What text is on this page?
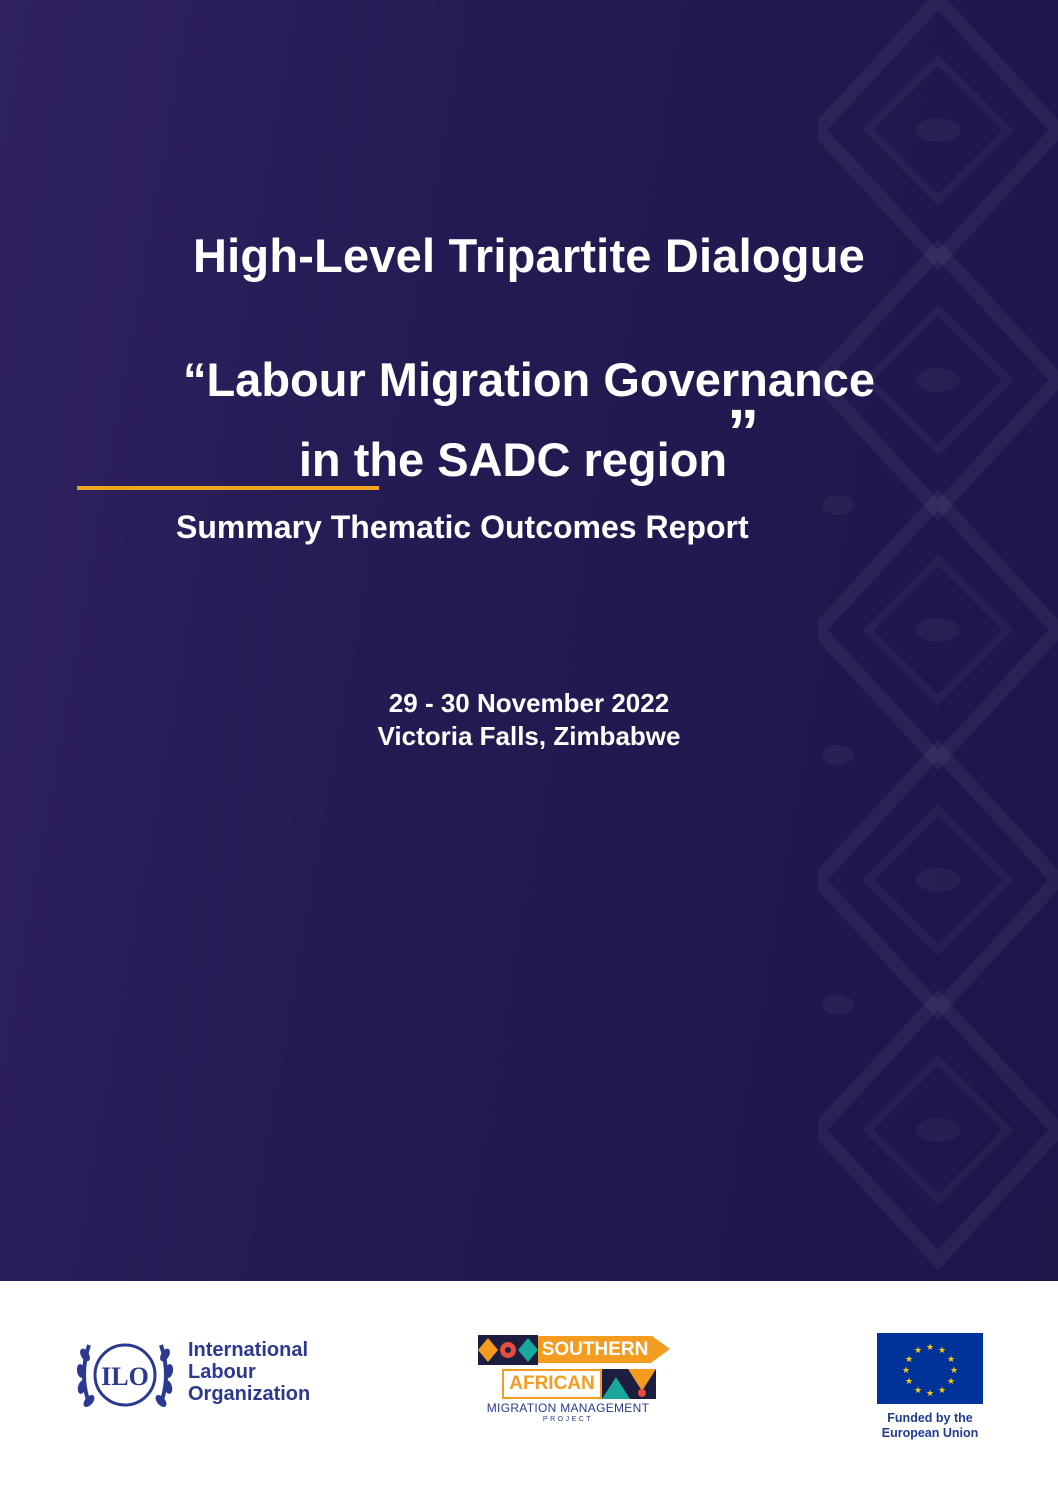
High-Level Tripartite Dialogue
“Labour Migration Governance
in the SADC region”
Summary Thematic Outcomes Report
29 - 30 November 2022
Victoria Falls, Zimbabwe
ILO
International
Labour
Organization
SOUTHERN
AFRICAN
MIGRATION MANAGEMENT
PROJECT
★ ★
★
★
★
★
★
★
★
★
★
★
Funded by the
European Union
